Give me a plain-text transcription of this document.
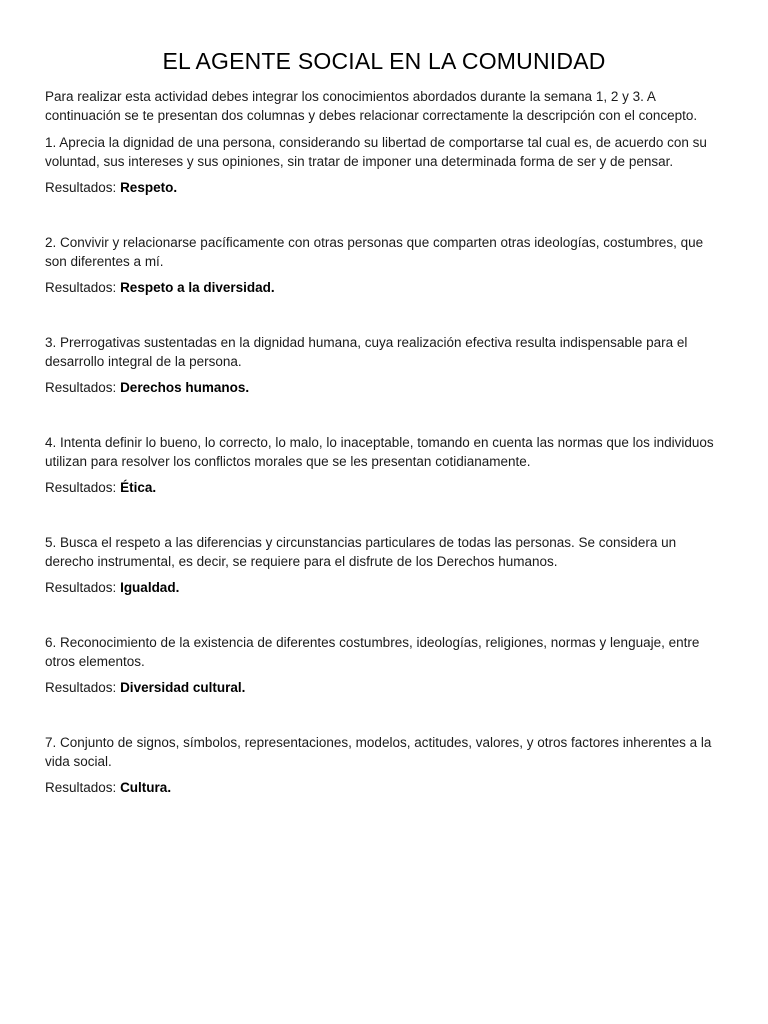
EL AGENTE SOCIAL EN LA COMUNIDAD

Para realizar esta actividad debes integrar los conocimientos abordados durante la semana 1, 2 y 3. A continuación se te presentan dos columnas y debes relacionar correctamente la descripción con el concepto.

1. Aprecia la dignidad de una persona, considerando su libertad de comportarse tal cual es, de acuerdo con su voluntad, sus intereses y sus opiniones, sin tratar de imponer una determinada forma de ser y de pensar.

Resultados: Respeto.

2. Convivir y relacionarse pacíficamente con otras personas que comparten otras ideologías, costumbres, que son diferentes a mí.

Resultados: Respeto a la diversidad.

3. Prerrogativas sustentadas en la dignidad humana, cuya realización efectiva resulta indispensable para el desarrollo integral de la persona.

Resultados: Derechos humanos.

4. Intenta definir lo bueno, lo correcto, lo malo, lo inaceptable, tomando en cuenta las normas que los individuos utilizan para resolver los conflictos morales que se les presentan cotidianamente.

Resultados: Ética.

5. Busca el respeto a las diferencias y circunstancias particulares de todas las personas. Se considera un derecho instrumental, es decir, se requiere para el disfrute de los Derechos humanos.

Resultados: Igualdad.

6. Reconocimiento de la existencia de diferentes costumbres, ideologías, religiones, normas y lenguaje, entre otros elementos.

Resultados: Diversidad cultural.

7. Conjunto de signos, símbolos, representaciones, modelos, actitudes, valores, y otros factores inherentes a la vida social.

Resultados: Cultura.
